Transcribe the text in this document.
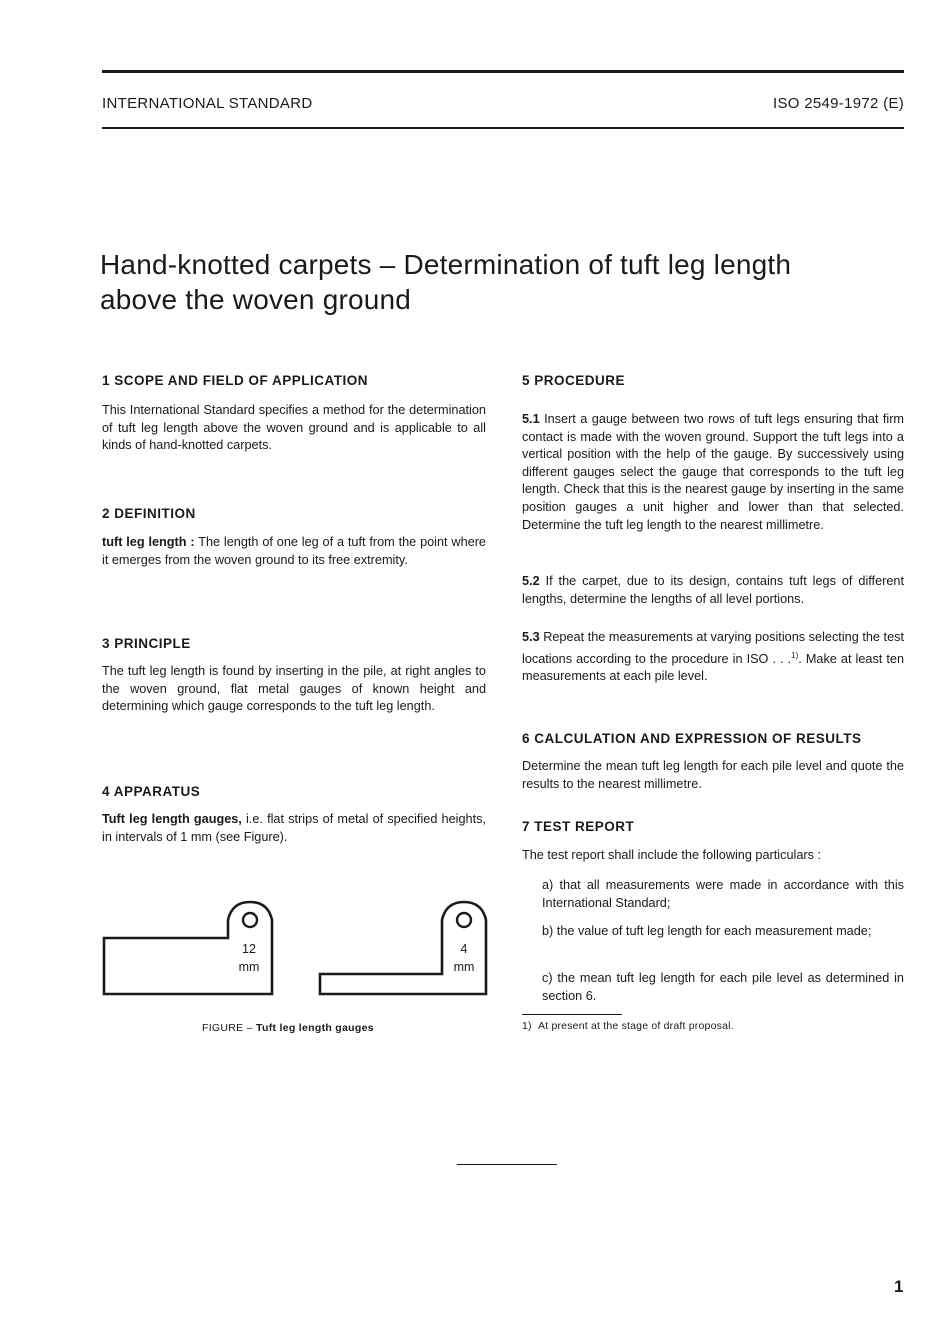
INTERNATIONAL STANDARD	ISO 2549-1972 (E)
Hand-knotted carpets – Determination of tuft leg length
above the woven ground
1 SCOPE AND FIELD OF APPLICATION
This International Standard specifies a method for the determination of tuft leg length above the woven ground and is applicable to all kinds of hand-knotted carpets.
2 DEFINITION
tuft leg length : The length of one leg of a tuft from the point where it emerges from the woven ground to its free extremity.
3 PRINCIPLE
The tuft leg length is found by inserting in the pile, at right angles to the woven ground, flat metal gauges of known height and determining which gauge corresponds to the tuft leg length.
4 APPARATUS
Tuft leg length gauges, i.e. flat strips of metal of specified heights, in intervals of 1 mm (see Figure).
12
mm
4
mm
FIGURE – Tuft leg length gauges
5 PROCEDURE
5.1 Insert a gauge between two rows of tuft legs ensuring that firm contact is made with the woven ground. Support the tuft legs into a vertical position with the help of the gauge. By successively using different gauges select the gauge that corresponds to the tuft leg length. Check that this is the nearest gauge by inserting in the same position gauges a unit higher and lower than that selected. Determine the tuft leg length to the nearest millimetre.
5.2 If the carpet, due to its design, contains tuft legs of different lengths, determine the lengths of all level portions.
5.3 Repeat the measurements at varying positions selecting the test locations according to the procedure in ISO . . .$^{1)}$. Make at least ten measurements at each pile level.
6 CALCULATION AND EXPRESSION OF RESULTS
Determine the mean tuft leg length for each pile level and quote the results to the nearest millimetre.
7 TEST REPORT
The test report shall include the following particulars :
a) that all measurements were made in accordance with this International Standard;
b) the value of tuft leg length for each measurement made;
c) the mean tuft leg length for each pile level as determined in section 6.
1) At present at the stage of draft proposal.
1
